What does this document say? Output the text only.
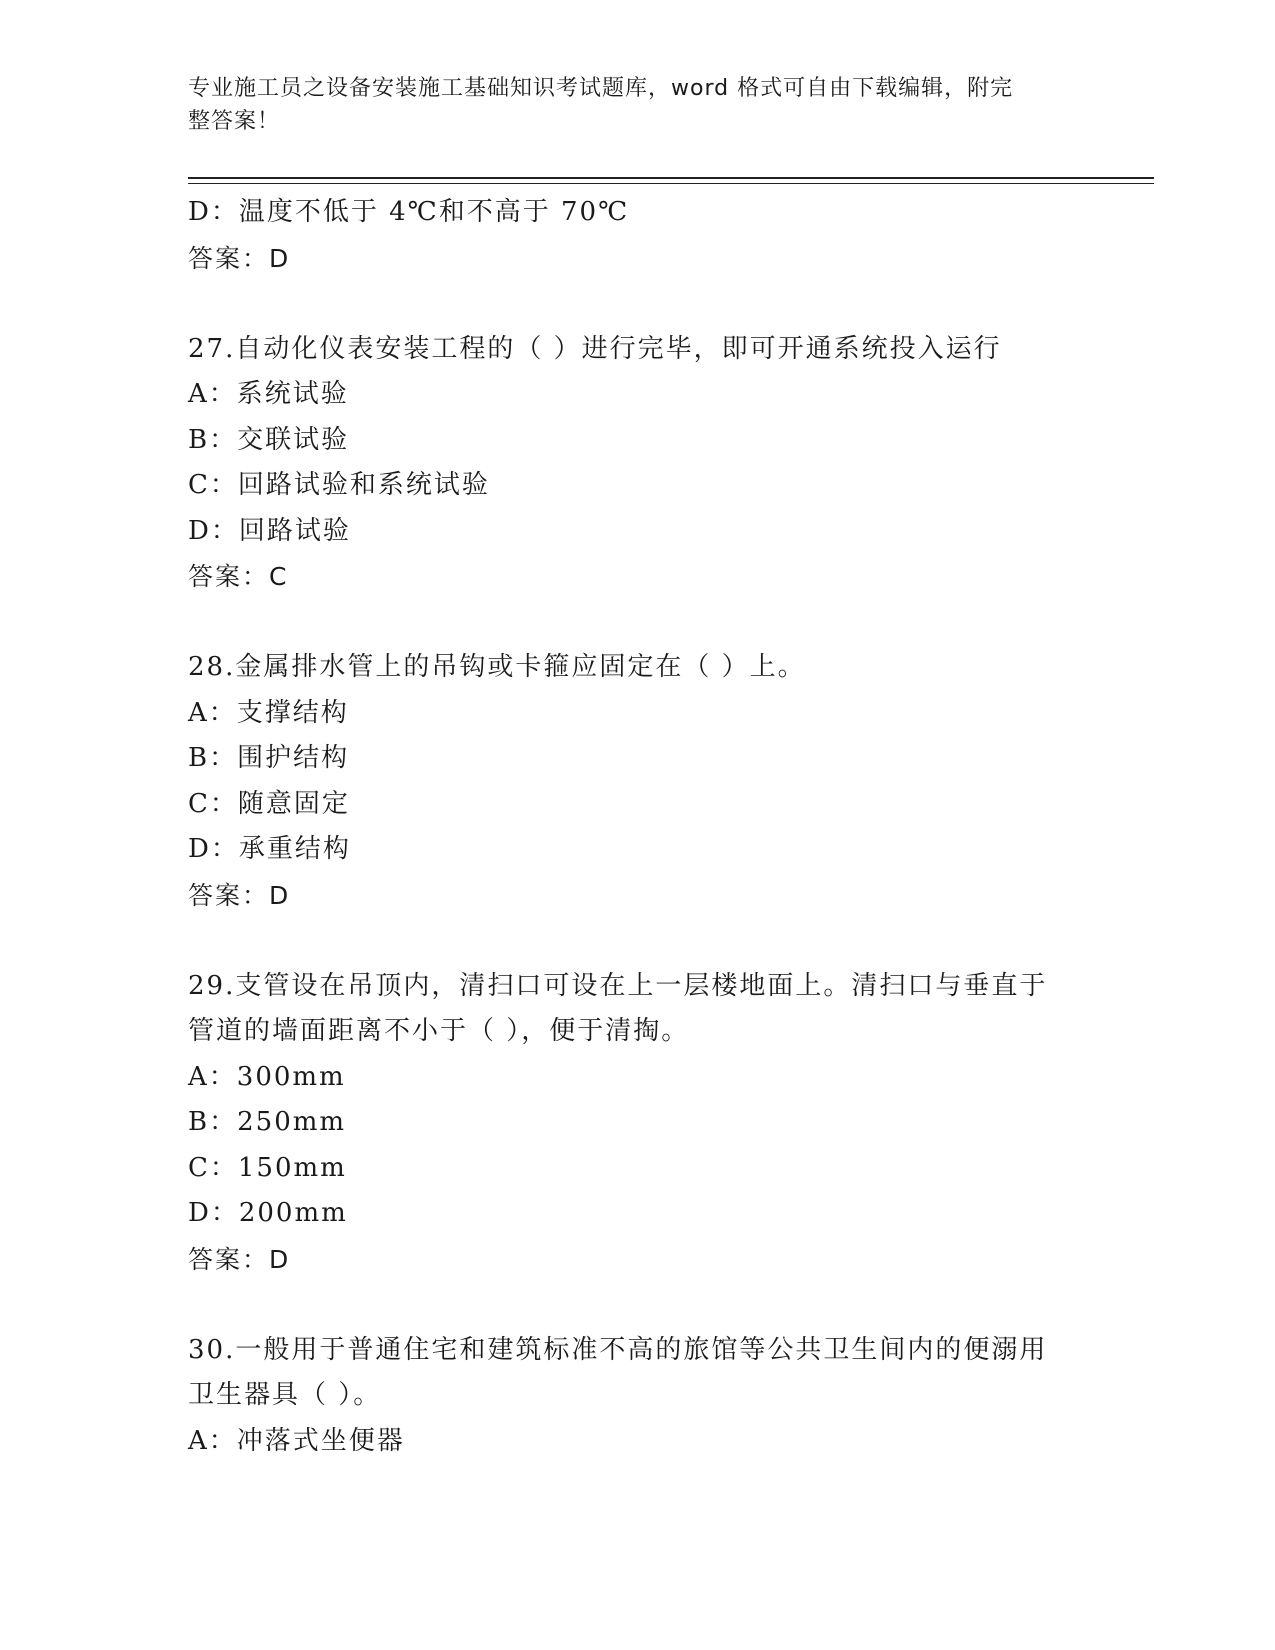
专业施工员之设备安装施工基础知识考试题库，word 格式可自由下载编辑，附完
整答案！
D：温度不低于 4℃和不高于 70℃
答案：D
27.自动化仪表安装工程的（ ）进行完毕，即可开通系统投入运行
A：系统试验
B：交联试验
C：回路试验和系统试验
D：回路试验
答案：C
28.金属排水管上的吊钩或卡箍应固定在（ ）上。
A：支撑结构
B：围护结构
C：随意固定
D：承重结构
答案：D
29.支管设在吊顶内，清扫口可设在上一层楼地面上。清扫口与垂直于
管道的墙面距离不小于（ ），便于清掏。
A：300mm
B：250mm
C：150mm
D：200mm
答案：D
30.一般用于普通住宅和建筑标准不高的旅馆等公共卫生间内的便溺用
卫生器具（ ）。
A：冲落式坐便器
